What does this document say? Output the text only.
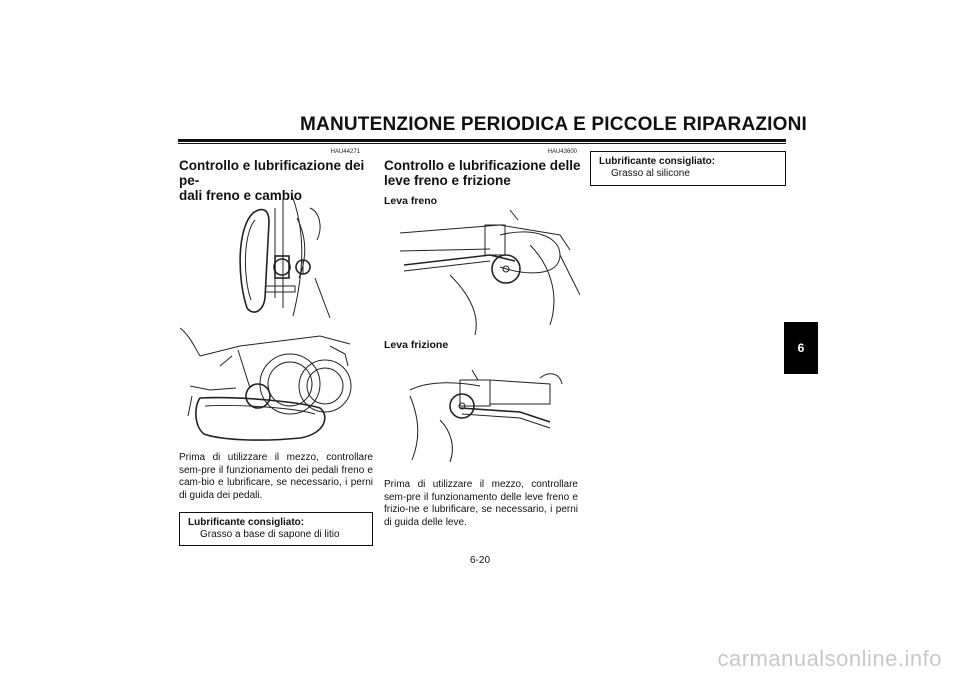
MANUTENZIONE PERIODICA E PICCOLE RIPARAZIONI
HAU44271
Controllo e lubrificazione dei pe-
dali freno e cambio
Prima di utilizzare il mezzo, controllare sem-pre il funzionamento dei pedali freno e cam-bio e lubrificare, se necessario, i perni di guida dei pedali.
Lubrificante consigliato:
Grasso a base di sapone di litio
HAU43600
Controllo e lubrificazione delle
leve freno e frizione
Leva freno
Leva frizione
Prima di utilizzare il mezzo, controllare sem-pre il funzionamento delle leve freno e frizio-ne e lubrificare, se necessario, i perni di guida delle leve.
Lubrificante consigliato:
Grasso al silicone
6
6-20
carmanualsonline.info
